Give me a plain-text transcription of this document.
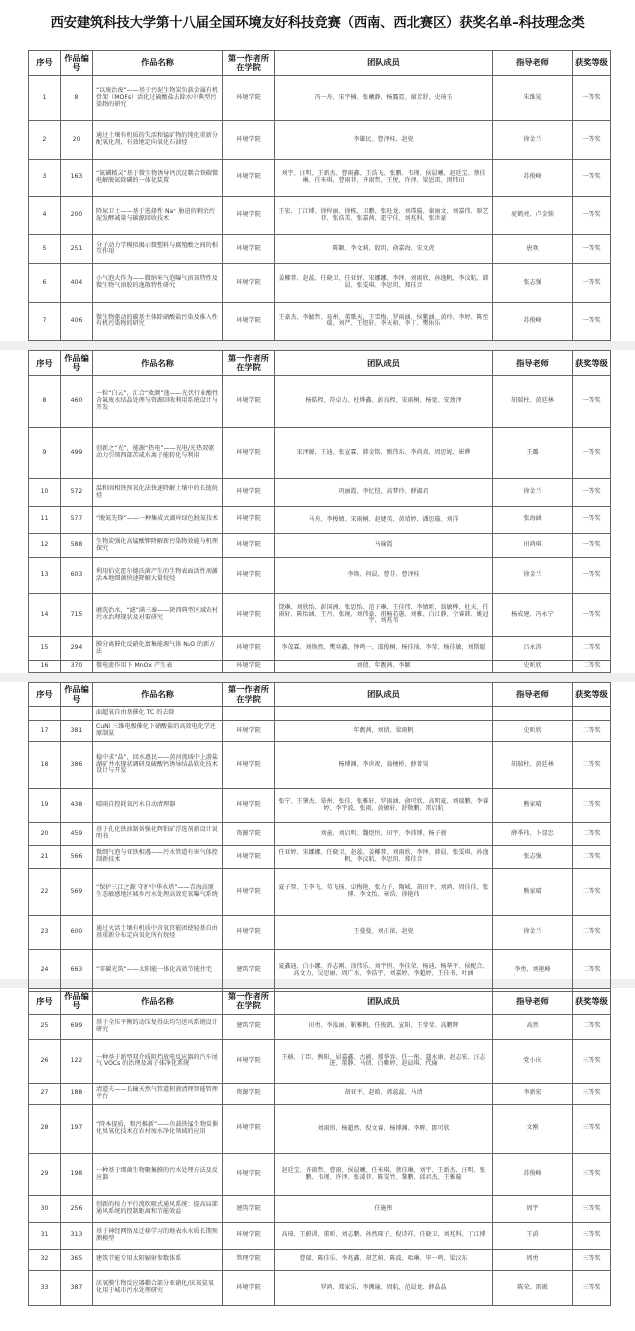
西安建筑科技大学第十八届全国环境友好科技竞赛（西南、西北赛区）获奖名单–科技理念类
序号	作品编号	作品名称	第一作者所在学院	团队成员	指导老师	获奖等级
1	8	“以废治废”——基于污泥生物炭负载金属有机骨架（MOFs）活化过硫酸盐去除水中典型污染物的研究	环境学院	冯一舟、宋宇楠、张曦静、杨露霓、谢芳舒、史琦玉	朱维晃	一等奖
2	20	通过土壤有机质的失活和锰矿物的钝化重新分配氧化剂，有效地定向氧化石油烃	环境学院	李雄民、曹泽桂、赵瓷	徐金兰	一等奖
3	163	“氮磷精灵”基于微生物诱导钙沉淀耦合铁碳微电解脱氮除磷的一体化装置	环境学院	刘宇、汪明、王新杰、曹雨鑫、王浩飞、张鹏、韦瑾、侯晨曦、赵廷宝、蔡佳琳、任米琪、曹雨菲、齐雨哲、王悦、许泽、梁恩雷、闵炜田	苏俊峰	一等奖
4	200	降尿卫士——基于选择性 Na⁺ 胁迫的剩余污泥发酵减量与碳源回收技术	环境学院	王宏、丁江博、徐梓丽、徐栋、卫鹏、张旺龙、刘璞璇、秦丽文、刘嘉伟、原艺菲、张浩美、张嘉茜、霍宁佳、刘兆科、张世豪	庞鹤亮、卢金锁	一等奖
5	251	分子动力学模拟揭示微塑料与腐殖酸之间的相互作用	环境学院	陈颖、李文莉、殷玥、俞嘉海、宋文虎	唐欢	一等奖
6	404	小气泡大作为——微纳米气泡曝气溶氧特性及微生物气溶胶的逸散特性研究	环境学院	姜椰普、赵蕊、任晓卫、任亚妤、宋娜娜、李绎、刘雨欣、孙逸帆、李汶航、韩晨、张雯琪、李思玥、郑佳音	张志强	一等奖
7	406	微生物驱动的碳基主体除硝酸盐污染及推入性有机污染物的研究	环境学院	王豪杰、李毓哲、易州、董歌天、王雪梅、罗雨涵、侯紫涵、黄玲、李婷、陈至瑞、刘严、王煜轩、李天萌、李丁、樊佑乐	苏俊峰	一等奖
序号	作品编号	作品名称	第一作者所在学院	团队成员	指导老师	获奖等级
8	460	一粒“白云”，汇合“欢颜”逸——光伏行业酸性含氟废水结晶处理与资源回收利用系统设计与开发	环境学院	杨皓程、符卓力、杜烨鑫、彭良程、宋雨桐、杨宽、安劲泽	胡瑞柱、黄廷林	一等奖
9	499	创新之“光”，能源“热电”——光电/光热双驱动力引领西部苦咸水离子能转化与利用	环境学院	宋泽源、王迪、张宣霖、韩金铭、甄伟东、李尚真、周思妮、崔晔	王璐	一等奖
10	572	温和固相铁预氧化法快速降解土壤中的长链烷烃	环境学院	巩丽霞、李忆恺、高梦玲、薛淑君	徐金兰	一等奖
11	577	“脱氮先锋”——一种集成式湖库绿色脱氮技术	环境学院	马舟、李梭婧、宋雨桐、赵婕英、黄靖婷、潘思璇、刘洋	张海涵	一等奖
12	588	生物炭强化高锰酸钾降解新污染物效能与机理探究	环境学院	马瑜霞	田鸿琪	一等奖
13	603	利用伯克霍尔德氏菌产生的生物表面活性剂激活本地细菌快速降解大量烷烃	环境学院	李焕、何晨、曹芬、曹泽桂	徐金兰	一等奖
14	715	磨洗治水，“滤”满三秦——陕西典型区域农村污水治理现状及对策研究	环境学院	饶琳、刘欣怡、彭国洲、张思怡、范子琳、王佳伟、李婧昕、翁敏桦、杜天、任雨轩、陈怡涵、王丹、张琬、刘伟豪、祖畅若愚、刘雅、白江静、仝睿韩、姚冠宇、刘兆苇	杨成建、冯永宁	一等奖
15	294	膜分离催化反硝化富集能源气体 N₂O 的新方法	环境学院	李茂霖、刘焕然、樊奕鑫、钟鸣一、邵俊桐、杨佳琦、李莹、杨佳敏、刘斯聪	吕永涛	二等奖
16	370	微电流作用下 MnOx 产生表	环境学院	刘倩、年靓茜、李颖	史昕欣	二等奖
序号	作品编号	作品名称	第一作者所在学院	团队成员	指导老师	获奖等级
		面超氧自由基催化 TC 的去除				
17	381	CuNi 三维电极催化下硝酸盐的高效电化学还原制氨	环境学院	年靓茜、刘倩、梁雨帆	史昕欣	二等奖
18	386	稳中求“晶”，回水惠民——黄河流域中上游盐湖矿井水现状调研及硫酸钙诱导结晶软化技术设计与开发	环境学院	杨博渊、李世祝、翁梗桥、薛菁昊	胡瑞柱、黄廷林	二等奖
19	438	晴雨自控耗氧污水自动清理器	环境学院	张宁、王肇杰、慕州、张佳、张雅轩、罗雨涵、俞可欣、高明夏、刘瑞鹏、李睿婷、李宇波、张雨、黄敏轩、舒敬鹏、雷启航	熊家晴	二等奖
20	459	基于孔化铁油制备强化辉钼矿浮选剂新设计说明书	资源学院	刘童、刘启明、魏煜恒、田宇、李沛博、杨子骏	薛季玮、卜显忠	二等奖
21	566	微细气泡与亚铁相遇——污水管道有害气体控制新技术	环境学院	任亚婷、宋娜娜、任晓卫、赵蕊、姜椰普、刘雨欣、李绎、韩晨、张雯琪、孙逸帆、李汶航、李思玥、郑佳音	张志强	二等奖
22	569	“保护三江之源 守护中华水塔”——青海高原生态敏感地区城乡污水处理高效充氧曝气系统	环境学院	夏子智、王李飞、苟飞扬、卓梅艳、张力子、陶城、胡田平、刘鸿、周佳佳、张博、李文怡、章浩、徐艳玮	熊家晴	二等奖
23	600	通过灭活土壤有机质中含氧官能团使轻基自由基重新分布定向氧化所有烷烃	环境学院	王曼曼、刘正浓、赵瓷	徐金兰	二等奖
24	663	“零碳光筑”——太阳能一体化高效节能住宅	建筑学院	夏鑫迪、白小娜、乔志刚、涂伟乐、刘宇恒、李佳荣、杨迪、杨华平、侯配合、高文力、吴思丽、周广水、李浩宇、刘嘉婷、李超婷、王佳书、叶涵	李勇、刘艳峰	二等奖
序号	作品编号	作品名称	第一作者所在学院	团队成员	指导老师	获奖等级
25	699	基于全压平衡的动压复得法均匀送风系统设计研究	建筑学院	田勇、李泓丽、靳雅帆、任俊凯、宣阳、王莹莹、高鹏辉	高然	二等奖
26	122	一种基于新型双介质阻挡放电反应器的汽车尾气 VOCs 的治理及离子体净化系统	环境学院	王赫、丁臣、熊阳、屈嘉鑫、古硕、郑华容、任一彤、蔻永康、赵志宏、汪志进、董静、马倩、白紫婷、赵晨琪、代瑜	党小庆	三等奖
27	188	清道夫——长输天然气管道积液清理智能管理平台	资源学院	胡亚平、赵晗、郭蕊蕊、马清	李新宏	三等奖
28	197	“降本提质，和污推新”——负载铁锰生物炭催化臭氧化技术在农村废水净化领域的应用	环境学院	刘雨形、杨超然、倪文睿、杨博渊、李晖、匿可欣	文刚	三等奖
29	198	一种基于细菌生物聚集膜的污水处理方法及反应器	环境学院	赵廷宝、齐雨哲、曹雨、侯晨曦、任米琪、蔡佳琳、刘宇、王新杰、汪明、张鹏、韦瑾、许泽、张凌菲、陈雯竹、黎鹏、邱君杰、王雅璇	苏俊峰	三等奖
30	256	创新的按力平行流吹吸式通风系统：提高局部通风系统的控制距离和节能效益	建筑学院	任施彤	周宇	三等奖
31	313	基于神经网络及迁移学习的地表水水质长期预测模型	环境学院	高琦、王蔚训、董昕、刘志鹏、孙然琛子、倪诗祥、任晓卫、刘兆科、丁江博	王滔	三等奖
32	365	建筑节能专用太阳辐射参数体系	管理学院	曹瑞、陈佳乐、李兆鑫、胡艺萌、陈波、哈琳、毕一鸣、梁汉东	周勇	三等奖
33	387	厌氧膜生物反应器耦合部分亚硝化/厌氧氨氧化用于城市污水处理研究	环境学院	罗鸿、郑家乐、李溯瑜、周航、范晨龙、薛晶晶	陈荣、雷振	三等奖
